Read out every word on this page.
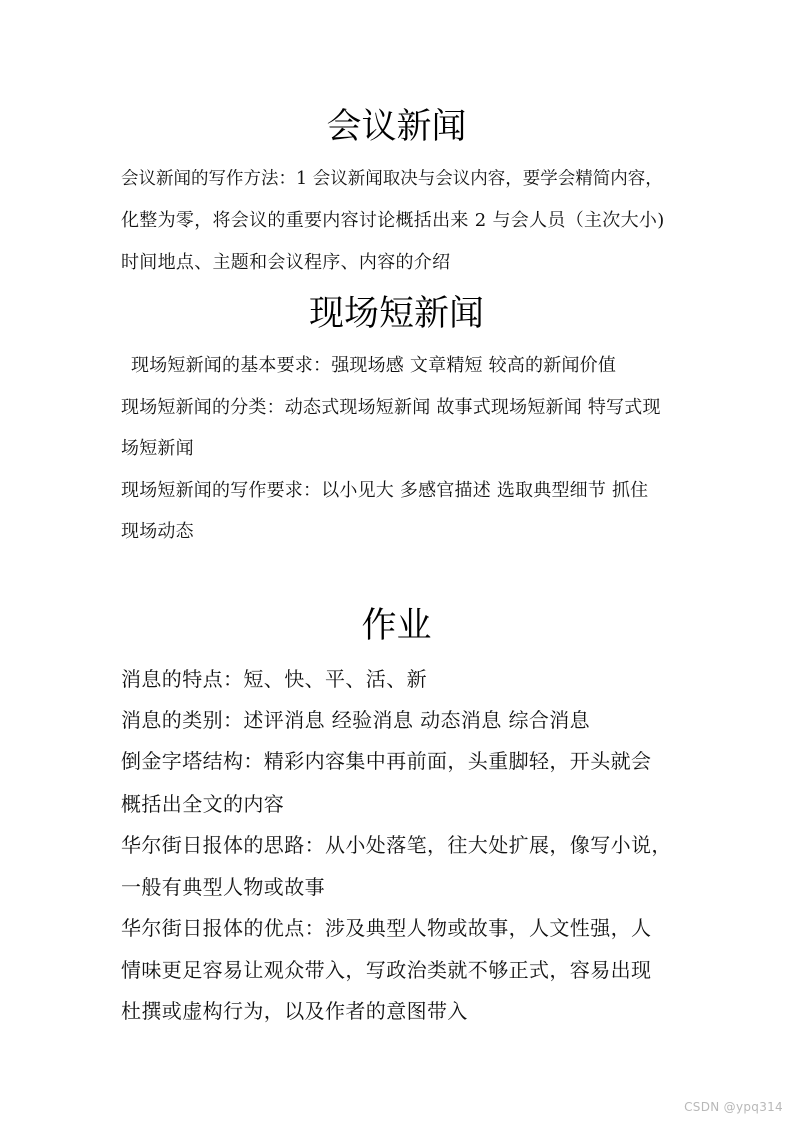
会议新闻

会议新闻的写作方法：1 会议新闻取决与会议内容，要学会精简内容，

化整为零，将会议的重要内容讨论概括出来 2 与会人员（主次大小)

时间地点、主题和会议程序、内容的介绍

现场短新闻

现场短新闻的基本要求：强现场感 文章精短 较高的新闻价值

现场短新闻的分类：动态式现场短新闻 故事式现场短新闻 特写式现

场短新闻

现场短新闻的写作要求：以小见大 多感官描述 选取典型细节 抓住

现场动态

作业

消息的特点：短、快、平、活、新

消息的类别：述评消息 经验消息 动态消息 综合消息

倒金字塔结构：精彩内容集中再前面，头重脚轻，开头就会

概括出全文的内容

华尔街日报体的思路：从小处落笔，往大处扩展，像写小说，

一般有典型人物或故事

华尔街日报体的优点：涉及典型人物或故事，人文性强，人

情味更足容易让观众带入，写政治类就不够正式，容易出现

杜撰或虚构行为，以及作者的意图带入

CSDN @ypq314
